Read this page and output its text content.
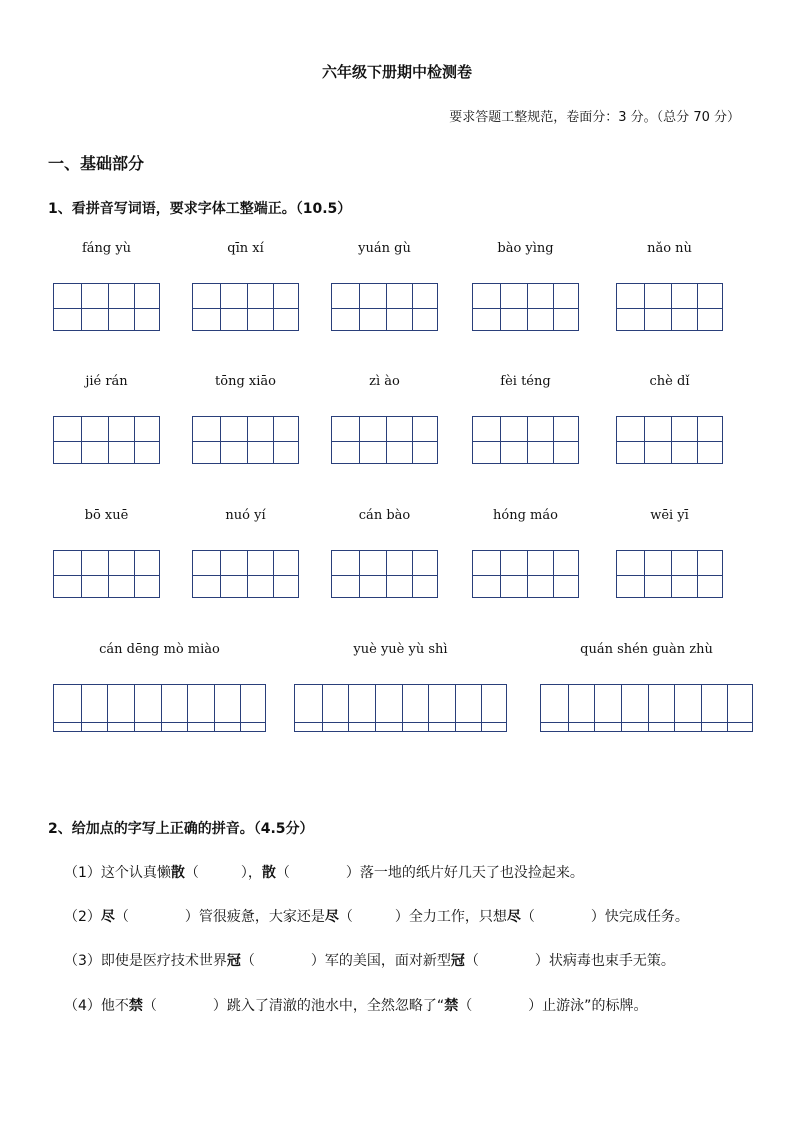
六年级下册期中检测卷
要求答题工整规范，卷面分：3 分。（总分 70 分）
一、基础部分
1、看拼音写词语，要求字体工整端正。（10.5）
fáng yù	qīn xí	yuán gù	bào yìng	nǎo nù
jié rán	tōng xiāo	zì ào	fèi téng	chè dǐ
bō xuē	nuó yí	cán bào	hóng máo	wēi yī
cán dēng mò miào	yuè yuè yù shì	quán shén guàn zhù
2、给加点的字写上正确的拼音。（4.5分）
（1）这个认真懒散（　　　），散（　　　　）落一地的纸片好几天了也没捡起来。
（2）尽（　　　　）管很疲惫，大家还是尽（　　　）全力工作，只想尽（　　　　）快完成任务。
（3）即使是医疗技术世界冠（　　　　）军的美国，面对新型冠（　　　　）状病毒也束手无策。
（4）他不禁（　　　　）跳入了清澈的池水中，全然忽略了“禁（　　　　）止游泳”的标牌。
